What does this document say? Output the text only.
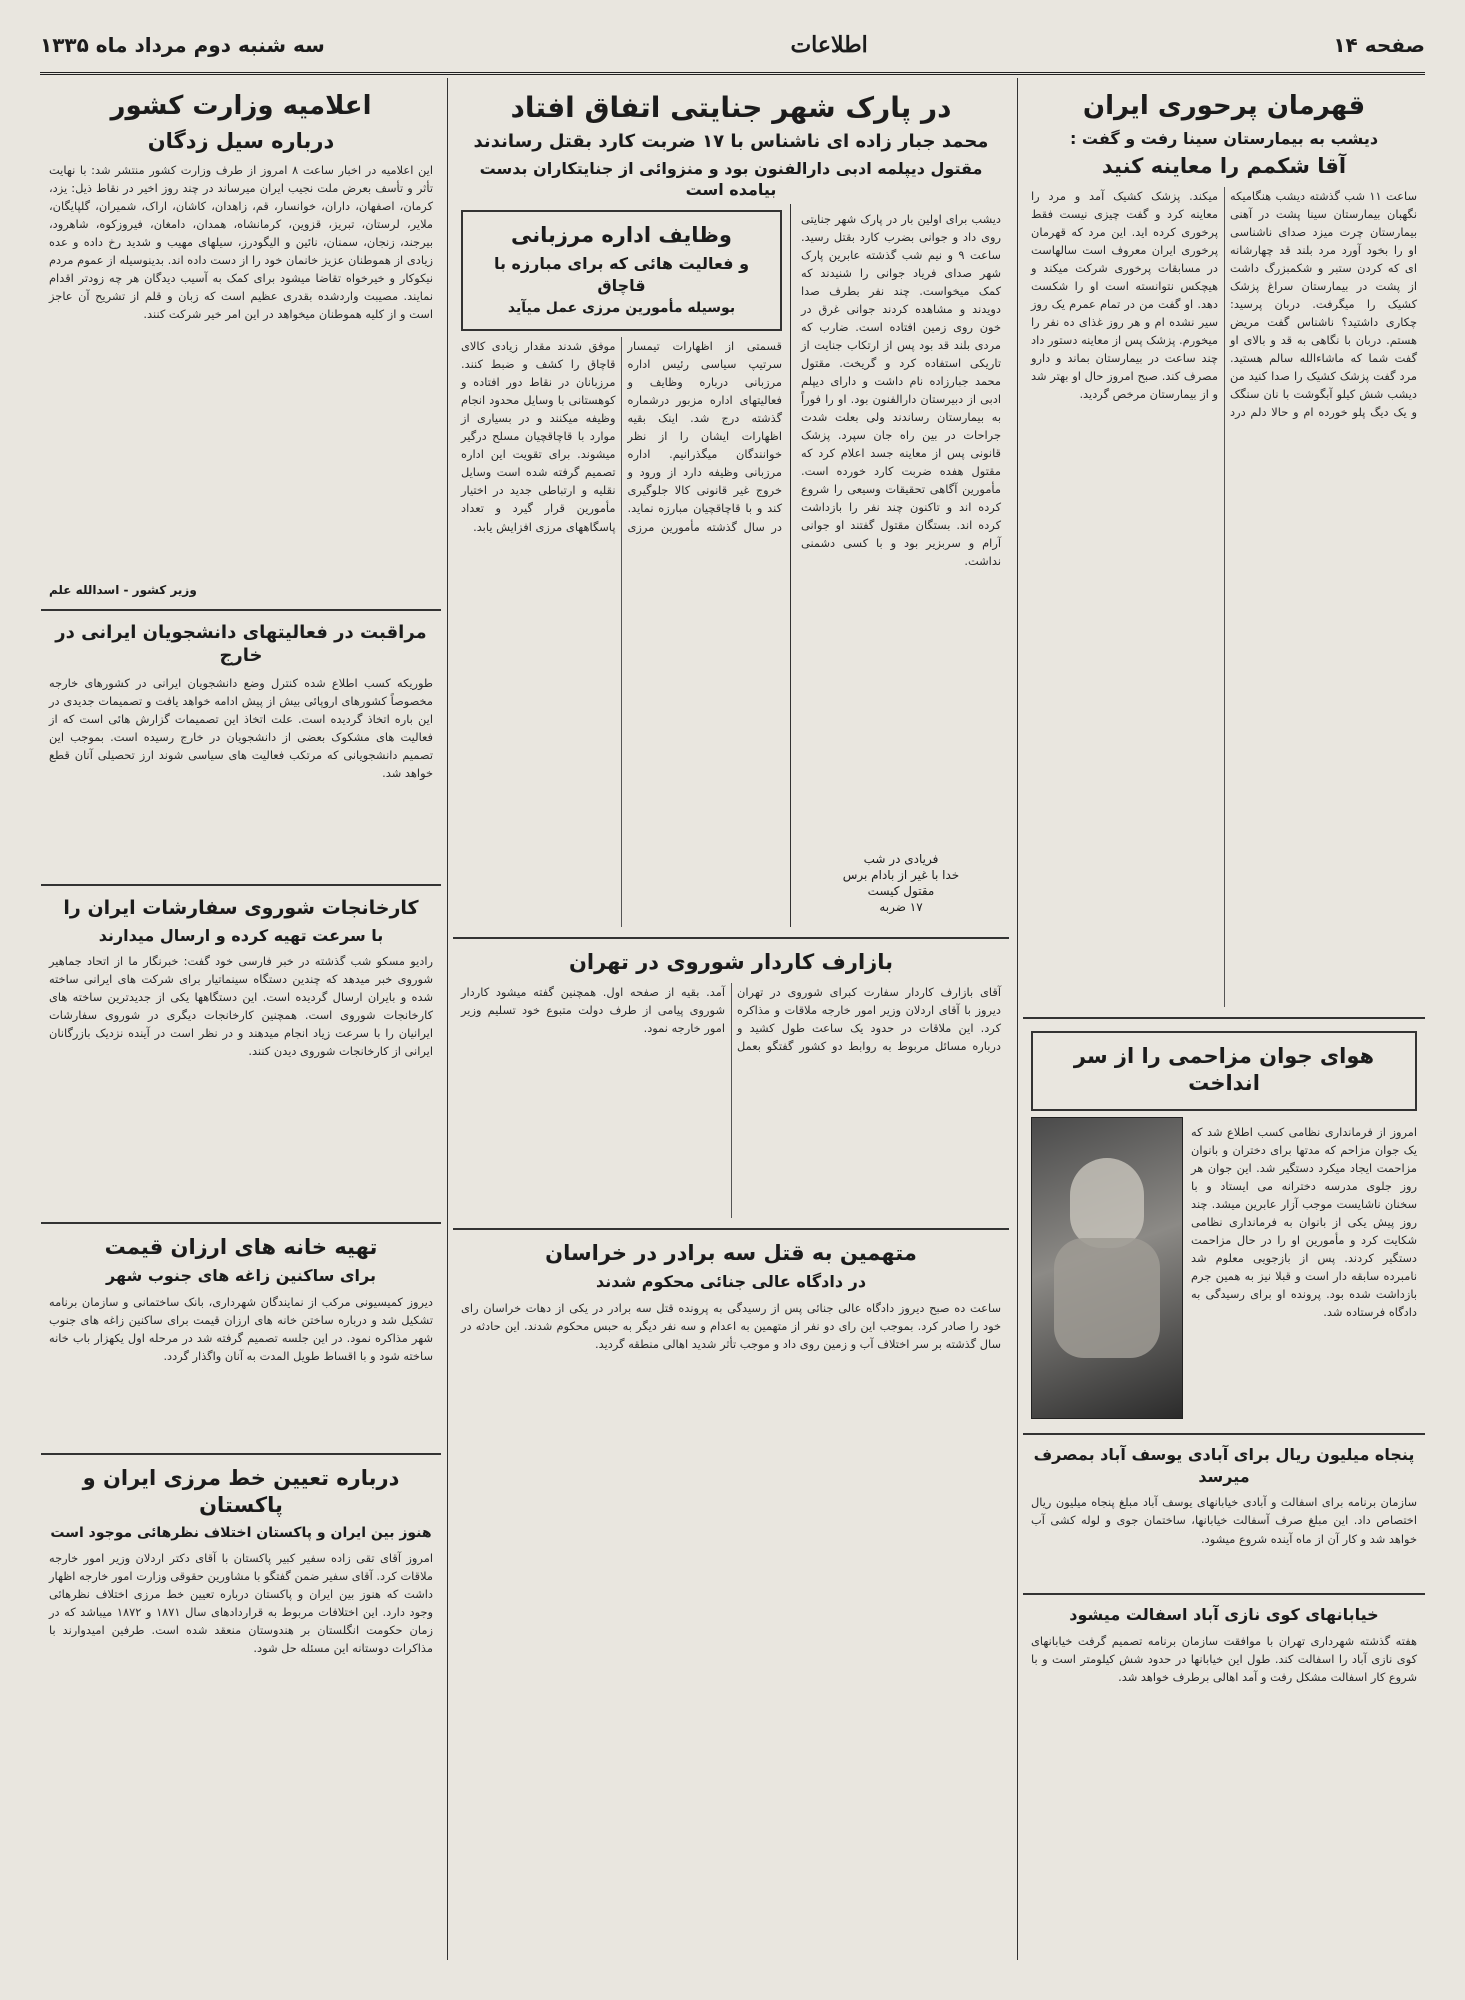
صفحه ۱۴
اطلاعات
سه شنبه دوم مرداد ماه ۱۳۳۵
قهرمان پرحوری ایران
دیشب به بیمارستان سینا رفت و گفت :
آقا شکمم را معاینه کنید
ساعت ۱۱ شب گذشته دیشب هنگامیکه نگهبان بیمارستان سینا پشت در آهنی بیمارستان چرت میزد صدای ناشناسی او را بخود آورد مرد بلند قد چهارشانه ای که کردن ستبر و شکمبزرگ داشت از پشت در بیمارستان سراغ پزشک کشیک را میگرفت. دربان پرسید: چکاری داشتید؟ ناشناس گفت مریض هستم. دربان با نگاهی به قد و بالای او گفت شما که ماشاءالله سالم هستید. مرد گفت پزشک کشیک را صدا کنید من دیشب شش کیلو آبگوشت با نان سنگک و یک دیگ پلو خورده ام و حالا دلم درد میکند. پزشک کشیک آمد و مرد را معاینه کرد و گفت چیزی نیست فقط پرخوری کرده اید. این مرد که قهرمان پرخوری ایران معروف است سالهاست در مسابقات پرخوری شرکت میکند و هیچکس نتوانسته است او را شکست دهد. او گفت من در تمام عمرم یک روز سیر نشده ام و هر روز غذای ده نفر را میخورم. پزشک پس از معاینه دستور داد چند ساعت در بیمارستان بماند و دارو مصرف کند. صبح امروز حال او بهتر شد و از بیمارستان مرخص گردید.
هوای جوان مزاحمی را از سر انداخت
امروز از فرمانداری نظامی کسب اطلاع شد که یک جوان مزاحم که مدتها برای دختران و بانوان مزاحمت ایجاد میکرد دستگیر شد. این جوان هر روز جلوی مدرسه دخترانه می ایستاد و با سخنان ناشایست موجب آزار عابرین میشد. چند روز پیش یکی از بانوان به فرمانداری نظامی شکایت کرد و مأمورین او را در حال مزاحمت دستگیر کردند. پس از بازجویی معلوم شد نامبرده سابقه دار است و قبلا نیز به همین جرم بازداشت شده بود. پرونده او برای رسیدگی به دادگاه فرستاده شد.
پنجاه میلیون ریال برای آبادی یوسف آباد بمصرف میرسد
سازمان برنامه برای اسفالت و آبادی خیابانهای یوسف آباد مبلغ پنجاه میلیون ریال اختصاص داد. این مبلغ صرف آسفالت خیابانها، ساختمان جوی و لوله کشی آب خواهد شد و کار آن از ماه آینده شروع میشود.
خیابانهای کوی نازی آباد اسفالت میشود
هفته گذشته شهرداری تهران با موافقت سازمان برنامه تصمیم گرفت خیابانهای کوی نازی آباد را اسفالت کند. طول این خیابانها در حدود شش کیلومتر است و با شروع کار اسفالت مشکل رفت و آمد اهالی برطرف خواهد شد.
در پارک شهر جنایتی اتفاق افتاد
محمد جبار زاده ای ناشناس با ۱۷ ضربت کارد بقتل رساندند
مقتول دیپلمه ادبی دارالفنون بود و منزوائی از جنایتکاران بدست بیامده است
دیشب برای اولین بار در پارک شهر جنایتی روی داد و جوانی بضرب کارد بقتل رسید. ساعت ۹ و نیم شب گذشته عابرین پارک شهر صدای فریاد جوانی را شنیدند که کمک میخواست. چند نفر بطرف صدا دویدند و مشاهده کردند جوانی غرق در خون روی زمین افتاده است. ضارب که مردی بلند قد بود پس از ارتکاب جنایت از تاریکی استفاده کرد و گریخت. مقتول محمد جبارزاده نام داشت و دارای دیپلم ادبی از دبیرستان دارالفنون بود. او را فوراً به بیمارستان رساندند ولی بعلت شدت جراحات در بین راه جان سپرد. پزشک قانونی پس از معاینه جسد اعلام کرد که مقتول هفده ضربت کارد خورده است. مأمورین آگاهی تحقیقات وسیعی را شروع کرده اند و تاکنون چند نفر را بازداشت کرده اند. بستگان مقتول گفتند او جوانی آرام و سربزیر بود و با کسی دشمنی نداشت.
فریادی در شب
خدا با غیر از بادام برس
مقتول کیست
۱۷ ضربه
وظایف اداره مرزبانی
و فعالیت هائی که برای مبارزه با قاچاق
بوسیله مأمورین مرزی عمل میآید
قسمتی از اظهارات تیمسار سرتیپ سیاسی رئیس اداره مرزبانی درباره وظایف و فعالیتهای اداره مزبور درشماره گذشته درج شد. اینک بقیه اظهارات ایشان را از نظر خوانندگان میگذرانیم. اداره مرزبانی وظیفه دارد از ورود و خروج غیر قانونی کالا جلوگیری کند و با قاچاقچیان مبارزه نماید. در سال گذشته مأمورین مرزی موفق شدند مقدار زیادی کالای قاچاق را کشف و ضبط کنند. مرزبانان در نقاط دور افتاده و کوهستانی با وسایل محدود انجام وظیفه میکنند و در بسیاری از موارد با قاچاقچیان مسلح درگیر میشوند. برای تقویت این اداره تصمیم گرفته شده است وسایل نقلیه و ارتباطی جدید در اختیار مأمورین قرار گیرد و تعداد پاسگاههای مرزی افزایش یابد.
بازارف کاردار شوروی در تهران
آقای بازارف کاردار سفارت کبرای شوروی در تهران دیروز با آقای اردلان وزیر امور خارجه ملاقات و مذاکره کرد. این ملاقات در حدود یک ساعت طول کشید و درباره مسائل مربوط به روابط دو کشور گفتگو بعمل آمد. بقیه از صفحه اول. همچنین گفته میشود کاردار شوروی پیامی از طرف دولت متبوع خود تسلیم وزیر امور خارجه نمود.
متهمین به قتل سه برادر در خراسان
در دادگاه عالی جنائی محکوم شدند
ساعت ده صبح دیروز دادگاه عالی جنائی پس از رسیدگی به پرونده قتل سه برادر در یکی از دهات خراسان رای خود را صادر کرد. بموجب این رای دو نفر از متهمین به اعدام و سه نفر دیگر به حبس محکوم شدند. این حادثه در سال گذشته بر سر اختلاف آب و زمین روی داد و موجب تأثر شدید اهالی منطقه گردید.
اعلامیه وزارت کشور
درباره سیل زدگان
این اعلامیه در اخبار ساعت ۸ امروز از طرف وزارت کشور منتشر شد: با نهایت تأثر و تأسف بعرض ملت نجیب ایران میرساند در چند روز اخیر در نقاط ذیل: یزد، کرمان، اصفهان، داران، خوانسار، قم، زاهدان، کاشان، اراک، شمیران، گلپایگان، ملایر، لرستان، تبریز، قزوین، کرمانشاه، همدان، دامغان، فیروزکوه، شاهرود، بیرجند، زنجان، سمنان، نائین و الیگودرز، سیلهای مهیب و شدید رخ داده و عده زیادی از هموطنان عزیز خانمان خود را از دست داده اند. بدینوسیله از عموم مردم نیکوکار و خیرخواه تقاضا میشود برای کمک به آسیب دیدگان هر چه زودتر اقدام نمایند. مصیبت واردشده بقدری عظیم است که زبان و قلم از تشریح آن عاجز است و از کلیه هموطنان میخواهد در این امر خیر شرکت کنند.
وزیر کشور - اسدالله علم
مراقبت در فعالیتهای دانشجویان ایرانی در خارج
طوریکه کسب اطلاع شده کنترل وضع دانشجویان ایرانی در کشورهای خارجه مخصوصاً کشورهای اروپائی بیش از پیش ادامه خواهد یافت و تصمیمات جدیدی در این باره اتخاذ گردیده است. علت اتخاذ این تصمیمات گزارش هائی است که از فعالیت های مشکوک بعضی از دانشجویان در خارج رسیده است. بموجب این تصمیم دانشجویانی که مرتکب فعالیت های سیاسی شوند ارز تحصیلی آنان قطع خواهد شد.
کارخانجات شوروی سفارشات ایران را
با سرعت تهیه کرده و ارسال میدارند
رادیو مسکو شب گذشته در خبر فارسی خود گفت: خبرنگار ما از اتحاد جماهیر شوروی خبر میدهد که چندین دستگاه سینماتیار برای شرکت های ایرانی ساخته شده و بایران ارسال گردیده است. این دستگاهها یکی از جدیدترین ساخته های کارخانجات شوروی است. همچنین کارخانجات دیگری در شوروی سفارشات ایرانیان را با سرعت زیاد انجام میدهند و در نظر است در آینده نزدیک بازرگانان ایرانی از کارخانجات شوروی دیدن کنند.
تهیه خانه های ارزان قیمت
برای ساکنین زاغه های جنوب شهر
دیروز کمیسیونی مرکب از نمایندگان شهرداری، بانک ساختمانی و سازمان برنامه تشکیل شد و درباره ساختن خانه های ارزان قیمت برای ساکنین زاغه های جنوب شهر مذاکره نمود. در این جلسه تصمیم گرفته شد در مرحله اول یکهزار باب خانه ساخته شود و با اقساط طویل المدت به آنان واگذار گردد.
درباره تعیین خط مرزی ایران و پاکستان
هنوز بین ایران و پاکستان اختلاف نظرهائی موجود است
امروز آقای تقی زاده سفیر کبیر پاکستان با آقای دکتر اردلان وزیر امور خارجه ملاقات کرد. آقای سفیر ضمن گفتگو با مشاورین حقوقی وزارت امور خارجه اظهار داشت که هنوز بین ایران و پاکستان درباره تعیین خط مرزی اختلاف نظرهائی وجود دارد. این اختلافات مربوط به قراردادهای سال ۱۸۷۱ و ۱۸۷۲ میباشد که در زمان حکومت انگلستان بر هندوستان منعقد شده است. طرفین امیدوارند با مذاکرات دوستانه این مسئله حل شود.
